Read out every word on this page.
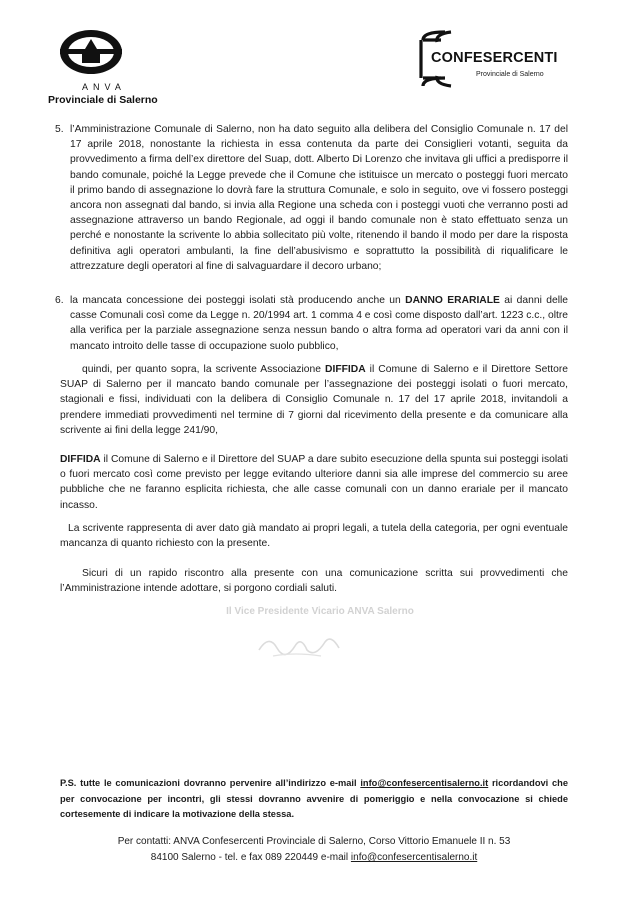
ANVA
Provinciale di Salerno
CONFESERCENTI
Provinciale di Salerno
5. l’Amministrazione Comunale di Salerno, non ha dato seguito alla delibera del Consiglio Comunale n. 17 del 17 aprile 2018, nonostante la richiesta in essa contenuta da parte dei Consiglieri votanti, seguita da provvedimento a firma dell’ex direttore del Suap, dott. Alberto Di Lorenzo che invitava gli uffici a predisporre il bando comunale, poiché la Legge prevede che il Comune che istituisce un mercato o posteggi fuori mercato il primo bando di assegnazione lo dovrà fare la struttura Comunale, e solo in seguito, ove vi fossero posteggi ancora non assegnati dal bando, si invia alla Regione una scheda con i posteggi vuoti che verranno posti ad assegnazione attraverso un bando Regionale, ad oggi il bando comunale non è stato effettuato senza un perché e nonostante la scrivente lo abbia sollecitato più volte, ritenendo il bando il modo per dare la risposta definitiva agli operatori ambulanti, la fine dell’abusivismo e soprattutto la possibilità di riqualificare le attrezzature degli operatori al fine di salvaguardare il decoro urbano;
6. la mancata concessione dei posteggi isolati stà producendo anche un DANNO ERARIALE ai danni delle casse Comunali così come da Legge n. 20/1994 art. 1 comma 4 e così come disposto dall’art. 1223 c.c., oltre alla verifica per la parziale assegnazione senza nessun bando o altra forma ad operatori vari da anni con il mancato introito delle tasse di occupazione suolo pubblico,
quindi, per quanto sopra, la scrivente Associazione DIFFIDA il Comune di Salerno e il Direttore Settore SUAP di Salerno per il mancato bando comunale per l’assegnazione dei posteggi isolati o fuori mercato, stagionali e fissi, individuati con la delibera di Consiglio Comunale n. 17 del 17 aprile 2018, invitandoli a prendere immediati provvedimenti nel termine di 7 giorni dal ricevimento della presente e da comunicare alla scrivente ai fini della legge 241/90,
DIFFIDA il Comune di Salerno e il Direttore del SUAP a dare subito esecuzione della spunta sui posteggi isolati o fuori mercato così come previsto per legge evitando ulteriore danni sia alle imprese del commercio su aree pubbliche che ne faranno esplicita richiesta, che alle casse comunali con un danno erariale per il mancato incasso.
La scrivente rappresenta di aver dato già mandato ai propri legali, a tutela della categoria, per ogni eventuale mancanza di quanto richiesto con la presente.
Sicuri di un rapido riscontro alla presente con una comunicazione scritta sui provvedimenti che l’Amministrazione intende adottare, si porgono cordiali saluti.
Il Vice Presidente Vicario ANVA Salerno
P.S. tutte le comunicazioni dovranno pervenire all’indirizzo e-mail info@confesercentisalerno.it ricordandovi che per convocazione per incontri, gli stessi dovranno avvenire di pomeriggio e nella convocazione si chiede cortesemente di indicare la motivazione della stessa.
Per contatti: ANVA Confesercenti Provinciale di Salerno, Corso Vittorio Emanuele II n. 53
84100 Salerno - tel. e fax 089 220449 e-mail info@confesercentisalerno.it
